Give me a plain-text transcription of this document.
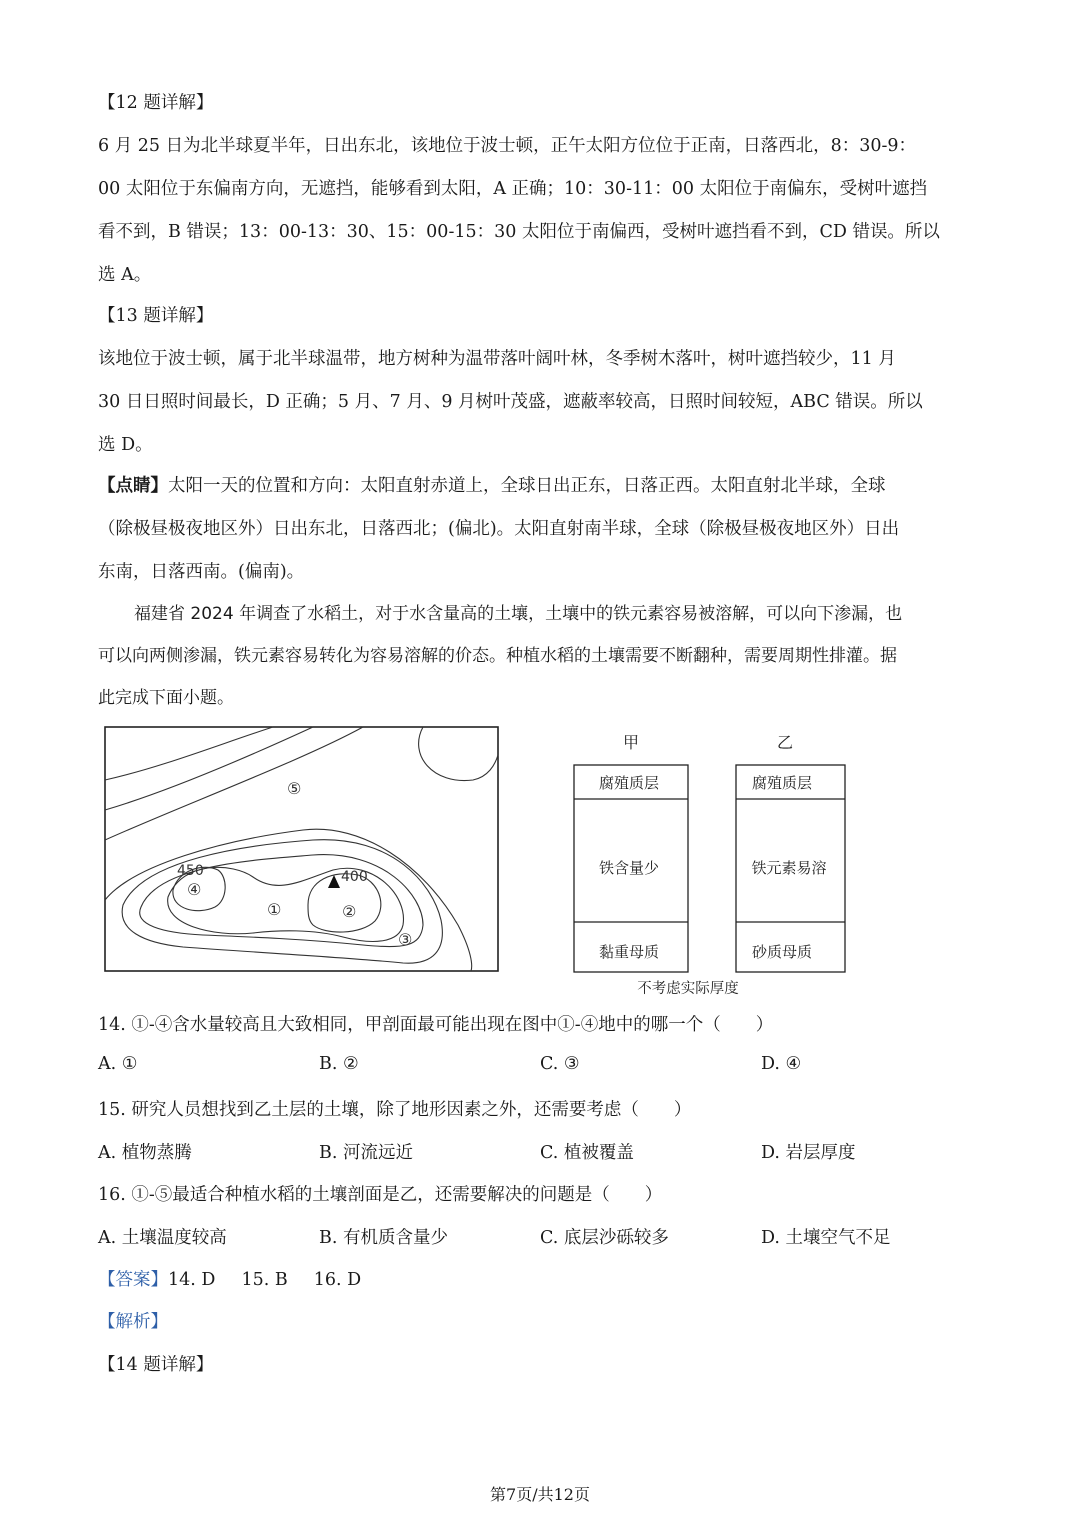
【12 题详解】
6 月 25 日为北半球夏半年，日出东北，该地位于波士顿，正午太阳方位位于正南，日落西北，8：30-9：
00 太阳位于东偏南方向，无遮挡，能够看到太阳，A 正确；10：30-11：00 太阳位于南偏东，受树叶遮挡
看不到，B 错误；13：00-13：30、15：00-15：30 太阳位于南偏西，受树叶遮挡看不到，CD 错误。所以
选 A。
【13 题详解】
该地位于波士顿，属于北半球温带，地方树种为温带落叶阔叶林，冬季树木落叶，树叶遮挡较少，11 月
30 日日照时间最长，D 正确；5 月、7 月、9 月树叶茂盛，遮蔽率较高，日照时间较短，ABC 错误。所以
选 D。
【点睛】太阳一天的位置和方向：太阳直射赤道上，全球日出正东，日落正西。太阳直射北半球，全球
（除极昼极夜地区外）日出东北，日落西北；(偏北)。太阳直射南半球，全球（除极昼极夜地区外）日出
东南，日落西南。(偏南)。
福建省 2024 年调查了水稻土，对于水含量高的土壤，土壤中的铁元素容易被溶解，可以向下渗漏，也
可以向两侧渗漏，铁元素容易转化为容易溶解的价态。种植水稻的土壤需要不断翻种，需要周期性排灌。据
此完成下面小题。
450	400
①	②
③
④
⑤
甲	乙
腐殖质层
铁含量少
黏重母质
腐殖质层
铁元素易溶
砂质母质
不考虑实际厚度
14. ①-④含水量较高且大致相同，甲剖面最可能出现在图中①-④地中的哪一个（　　）
A. ①	B. ②	C. ③	D. ④
15. 研究人员想找到乙土层的土壤，除了地形因素之外，还需要考虑（　　）
A. 植物蒸腾	B. 河流远近	C. 植被覆盖	D. 岩层厚度
16. ①-⑤最适合种植水稻的土壤剖面是乙，还需要解决的问题是（　　）
A. 土壤温度较高	B. 有机质含量少	C. 底层沙砾较多	D. 土壤空气不足
【答案】14. D 15. B 16. D
【解析】
【14 题详解】
第7页/共12页
